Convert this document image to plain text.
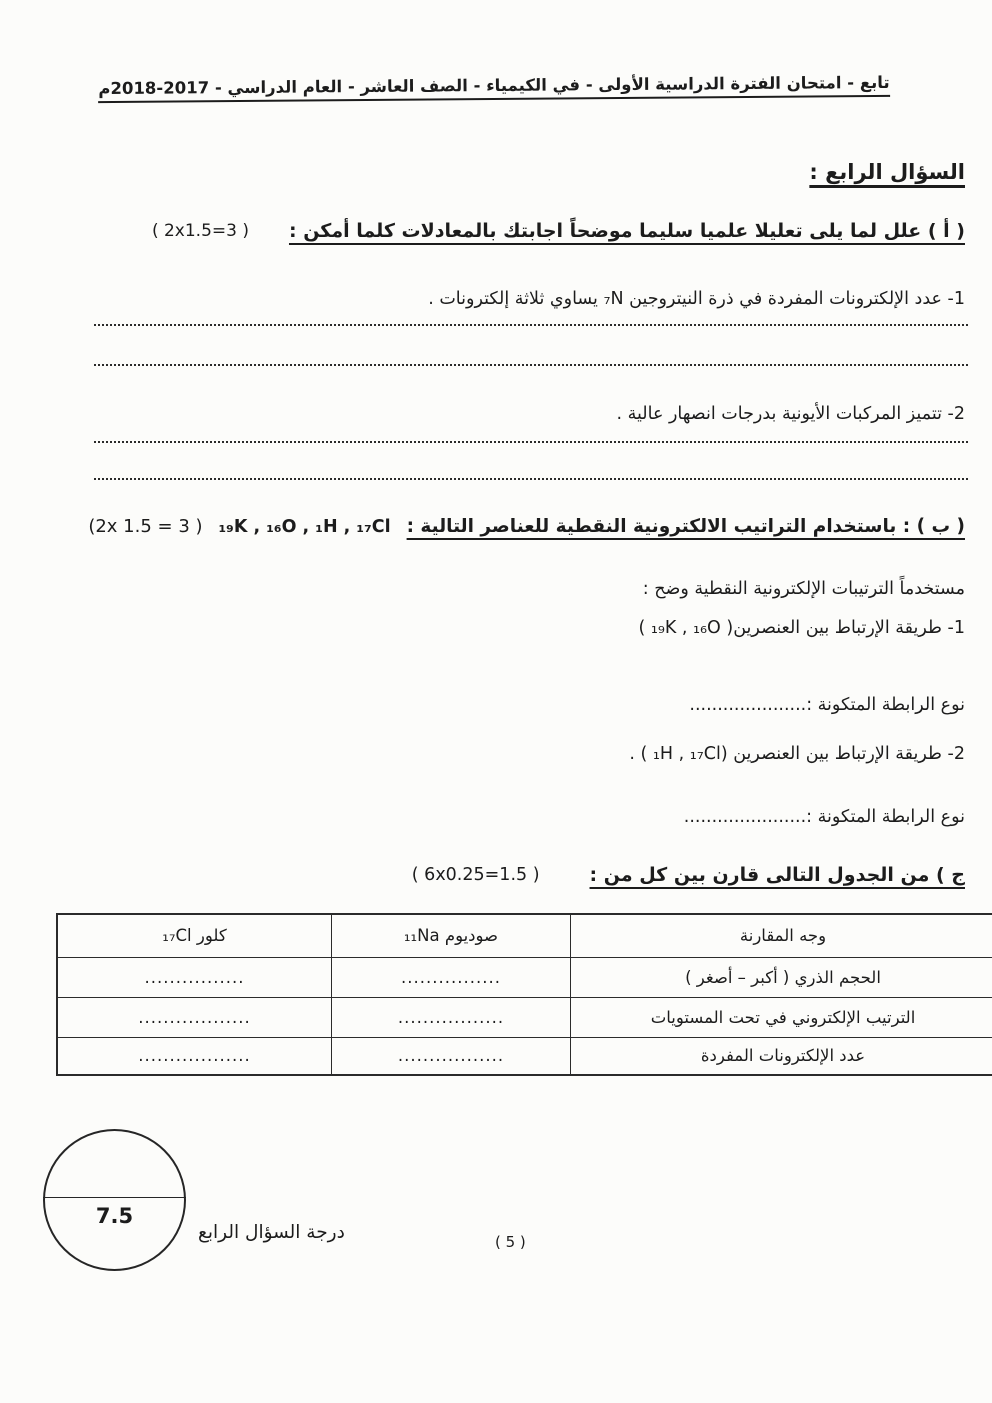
تابع - امتحان الفترة الدراسية الأولى - في الكيمياء - الصف العاشر - العام الدراسي - 2017-2018م
السؤال الرابع :
( أ ) علل لما يلى تعليلا علميا سليما موضحاً اجابتك بالمعادلات كلما أمكن :
( 2x1.5=3 )
1- عدد الإلكترونات المفردة في ذرة النيتروجين ₇N يساوي ثلاثة إلكترونات .
2- تتميز المركبات الأيونية بدرجات انصهار عالية .
( ب ) : باستخدام التراتيب الالكترونية النقطية للعناصر التالية :
₁₉K , ₁₆O , ₁H , ₁₇Cl
(2x 1.5 = 3 )
مستخدماً الترتيبات الإلكترونية النقطية وضح :
1- طريقة الإرتباط بين العنصرين( ₁₉K , ₁₆O )
نوع الرابطة المتكونة :.....................
2- طريقة الإرتباط بين العنصرين (₁H , ₁₇Cl ) .
نوع الرابطة المتكونة :......................
ج ) من الجدول التالى قارن بين كل من :
( 6x0.25=1.5 )
وجه المقارنة	صوديوم ₁₁Na	كلور ₁₇Cl
الحجم الذري ( أكبر – أصغر )	................	................
الترتيب الإلكتروني في تحت المستويات	.................	..................
عدد الإلكترونات المفردة	.................	..................
7.5
درجة السؤال الرابع	( 5 )
